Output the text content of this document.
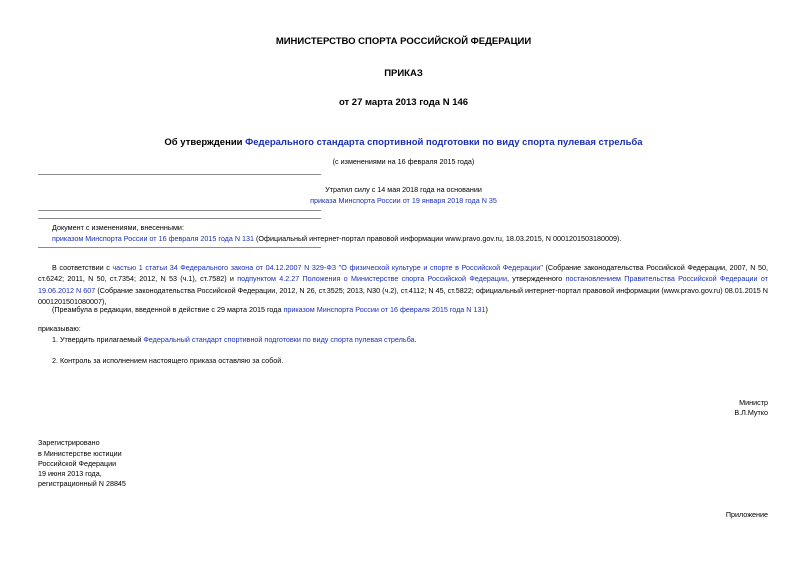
МИНИСТЕРСТВО СПОРТА РОССИЙСКОЙ ФЕДЕРАЦИИ
ПРИКАЗ
от 27 марта 2013 года N 146
Об утверждении Федерального стандарта спортивной подготовки по виду спорта пулевая стрельба
(с изменениями на 16 февраля 2015 года)
Утратил силу с 14 мая 2018 года на основании
приказа Минспорта России от 19 января 2018 года N 35
Документ с изменениями, внесенными:
приказом Минспорта России от 16 февраля 2015 года N 131 (Официальный интернет-портал правовой информации www.pravo.gov.ru, 18.03.2015, N 0001201503180009).
В соответствии с частью 1 статьи 34 Федерального закона от 04.12.2007 N 329-ФЗ "О физической культуре и спорте в Российской Федерации" (Собрание законодательства Российской Федерации, 2007, N 50, ст.6242; 2011, N 50, ст.7354; 2012, N 53 (ч.1), ст.7582) и подпунктом 4.2.27 Положения о Министерстве спорта Российской Федерации, утвержденного постановлением Правительства Российской Федерации от 19.06.2012 N 607 (Собрание законодательства Российской Федерации, 2012, N 26, ст.3525; 2013, N30 (ч.2), ст.4112; N 45, ст.5822; официальный интернет-портал правовой информации (www.pravo.gov.ru) 08.01.2015 N 0001201501080007),
(Преамбула в редакции, введенной в действие с 29 марта 2015 года приказом Минспорта России от 16 февраля 2015 года N 131)
приказываю:
1. Утвердить прилагаемый Федеральный стандарт спортивной подготовки по виду спорта пулевая стрельба.
2. Контроль за исполнением настоящего приказа оставляю за собой.
Министр
В.Л.Мутко
Зарегистрировано
в Министерстве юстиции
Российской Федерации
19 июня 2013 года,
регистрационный N 28845
Приложение
